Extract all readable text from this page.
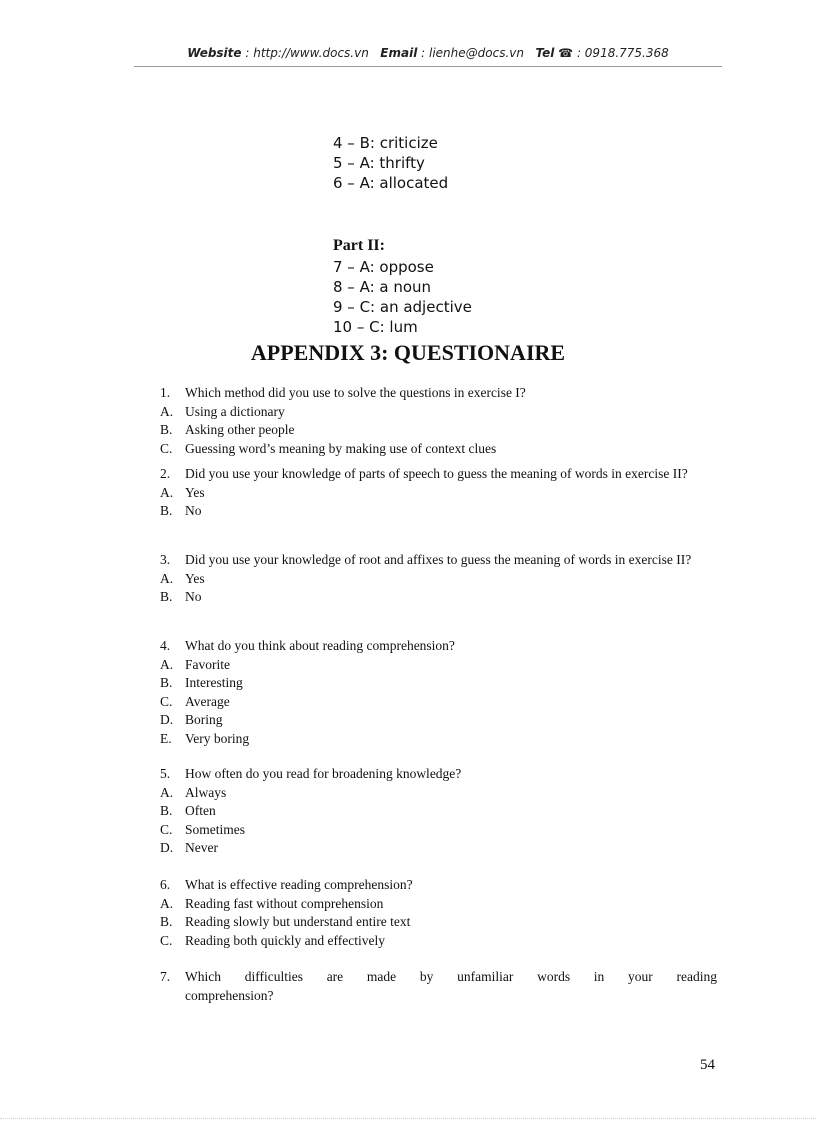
Website : http://www.docs.vn Email : lienhe@docs.vn Tel ☎ : 0918.775.368
4 – B: criticize
5 – A: thrifty
6 – A: allocated
Part II:
7 – A: oppose
8 – A: a noun
9 – C: an adjective
10 – C: lum
APPENDIX 3: QUESTIONAIRE
1.	Which method did you use to solve the questions in exercise I?
A. Using a dictionary
B. Asking other people
C. Guessing word’s meaning by making use of context clues
2.	Did you use your knowledge of parts of speech to guess the meaning of words in exercise II?
A. Yes
B. No
3.	Did you use your knowledge of root and affixes to guess the meaning of words in exercise II?
A. Yes
B. No
4.	What do you think about reading comprehension?
A. Favorite
B. Interesting
C. Average
D. Boring
E. Very boring
5.	How often do you read for broadening knowledge?
A. Always
B. Often
C. Sometimes
D. Never
6.	What is effective reading comprehension?
A. Reading fast without comprehension
B. Reading slowly but understand entire text
C. Reading both quickly and effectively
7.	Which difficulties are made by unfamiliar words in your reading comprehension?
54
